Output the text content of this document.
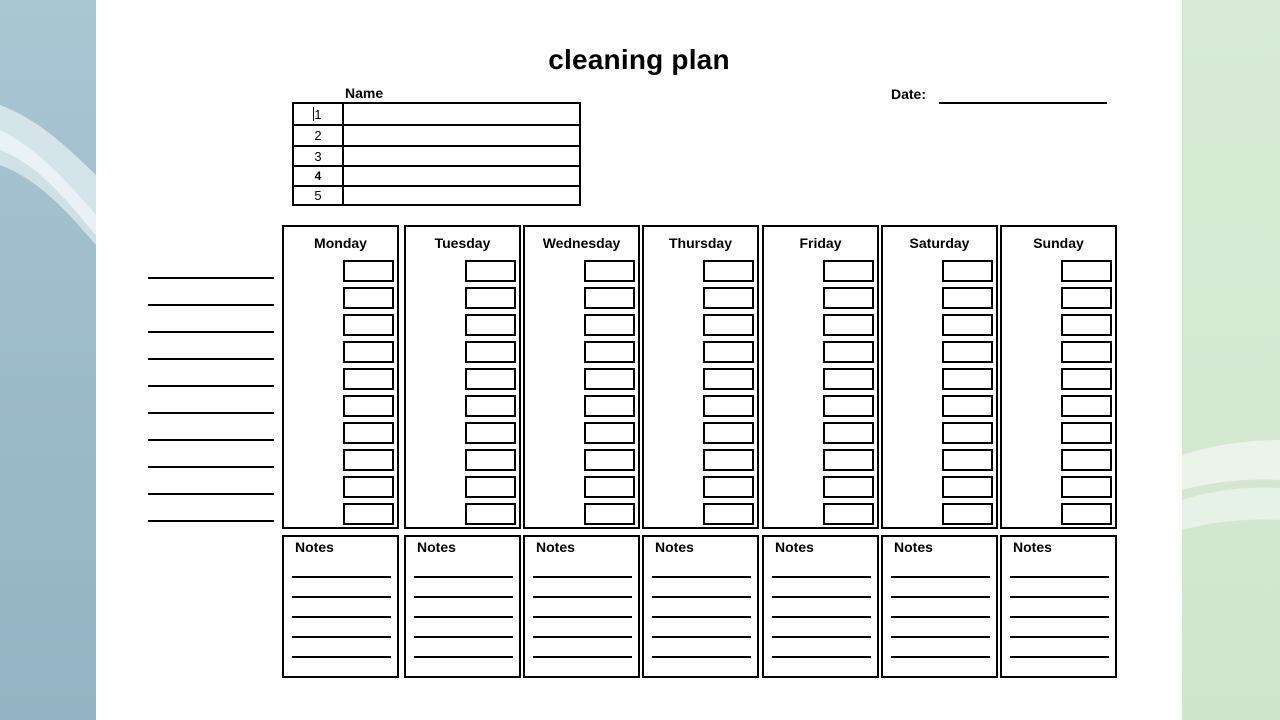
cleaning plan
Name	Date:
1
2
3
4
5
Monday	Tuesday	Wednesday	Thursday	Friday	Saturday	Sunday
Notes	Notes	Notes	Notes	Notes	Notes	Notes
